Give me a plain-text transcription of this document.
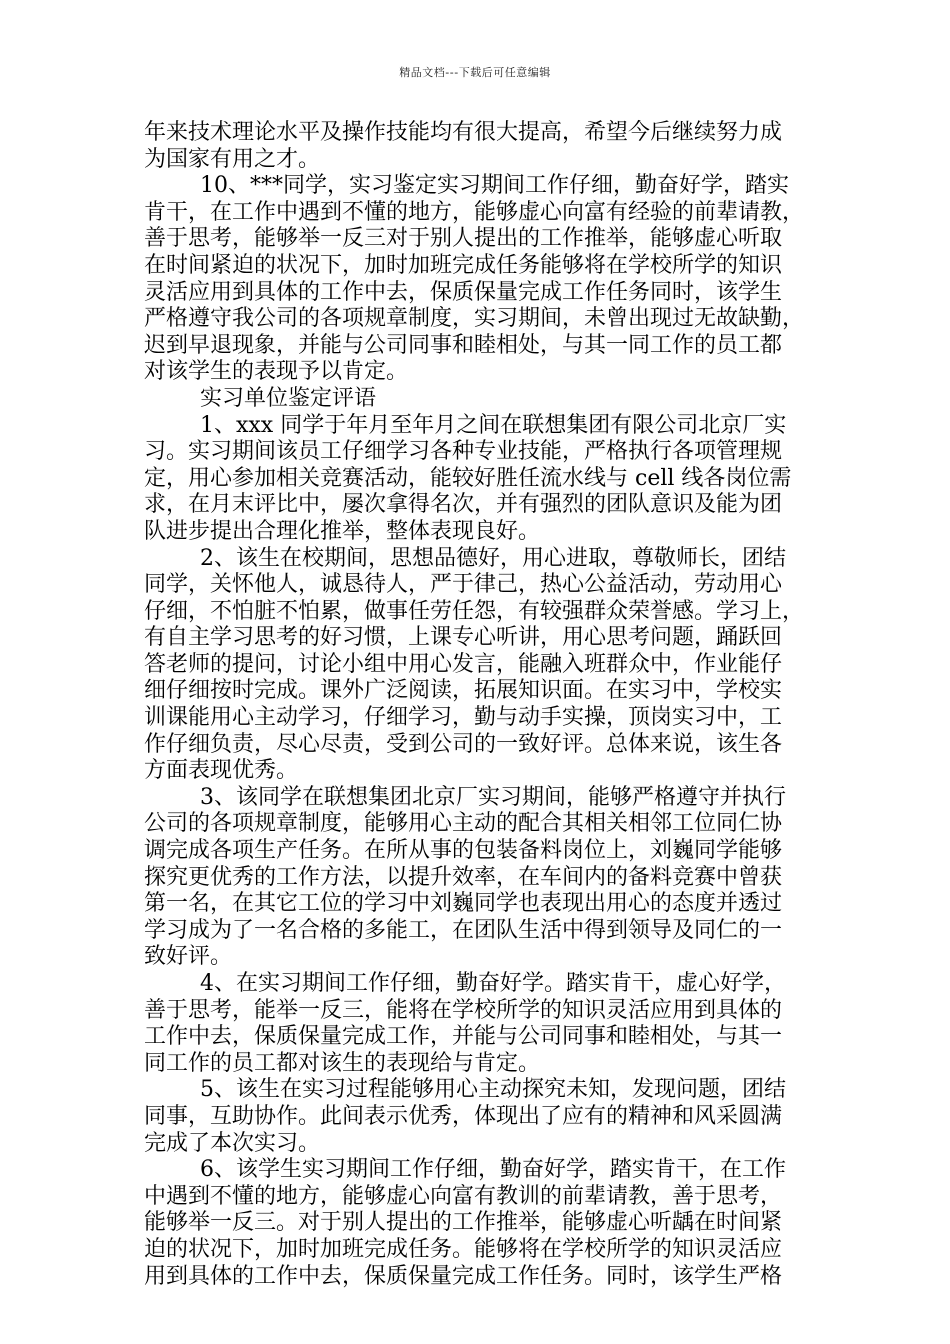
精品文档---下载后可任意编辑
年来技术理论水平及操作技能均有很大提高，希望今后继续努力成
为国家有用之才。
10、***同学，实习鉴定实习期间工作仔细，勤奋好学，踏实
肯干，在工作中遇到不懂的地方，能够虚心向富有经验的前辈请教，
善于思考，能够举一反三对于别人提出的工作推举，能够虚心听取
在时间紧迫的状况下，加时加班完成任务能够将在学校所学的知识
灵活应用到具体的工作中去，保质保量完成工作任务同时，该学生
严格遵守我公司的各项规章制度，实习期间，未曾出现过无故缺勤，
迟到早退现象，并能与公司同事和睦相处，与其一同工作的员工都
对该学生的表现予以肯定。
实习单位鉴定评语
1、xxx 同学于年月至年月之间在联想集团有限公司北京厂实
习。实习期间该员工仔细学习各种专业技能，严格执行各项管理规
定，用心参加相关竞赛活动，能较好胜任流水线与 cell 线各岗位需
求，在月末评比中，屡次拿得名次，并有强烈的团队意识及能为团
队进步提出合理化推举，整体表现良好。
2、该生在校期间，思想品德好，用心进取，尊敬师长，团结
同学，关怀他人，诚恳待人，严于律己，热心公益活动，劳动用心
仔细，不怕脏不怕累，做事任劳任怨，有较强群众荣誉感。学习上，
有自主学习思考的好习惯，上课专心听讲，用心思考问题，踊跃回
答老师的提问，讨论小组中用心发言，能融入班群众中，作业能仔
细仔细按时完成。课外广泛阅读，拓展知识面。在实习中，学校实
训课能用心主动学习，仔细学习，勤与动手实操，顶岗实习中，工
作仔细负责，尽心尽责，受到公司的一致好评。总体来说，该生各
方面表现优秀。
3、该同学在联想集团北京厂实习期间，能够严格遵守并执行
公司的各项规章制度，能够用心主动的配合其相关相邻工位同仁协
调完成各项生产任务。在所从事的包装备料岗位上，刘巍同学能够
探究更优秀的工作方法，以提升效率，在车间内的备料竞赛中曾获
第一名，在其它工位的学习中刘巍同学也表现出用心的态度并透过
学习成为了一名合格的多能工，在团队生活中得到领导及同仁的一
致好评。
4、在实习期间工作仔细，勤奋好学。踏实肯干，虚心好学，
善于思考，能举一反三，能将在学校所学的知识灵活应用到具体的
工作中去，保质保量完成工作，并能与公司同事和睦相处，与其一
同工作的员工都对该生的表现给与肯定。
5、该生在实习过程能够用心主动探究未知，发现问题，团结
同事，互助协作。此间表示优秀，体现出了应有的精神和风采圆满
完成了本次实习。
6、该学生实习期间工作仔细，勤奋好学，踏实肯干，在工作
中遇到不懂的地方，能够虚心向富有教训的前辈请教，善于思考，
能够举一反三。对于别人提出的工作推举，能够虚心听龋在时间紧
迫的状况下，加时加班完成任务。能够将在学校所学的知识灵活应
用到具体的工作中去，保质保量完成工作任务。同时，该学生严格
